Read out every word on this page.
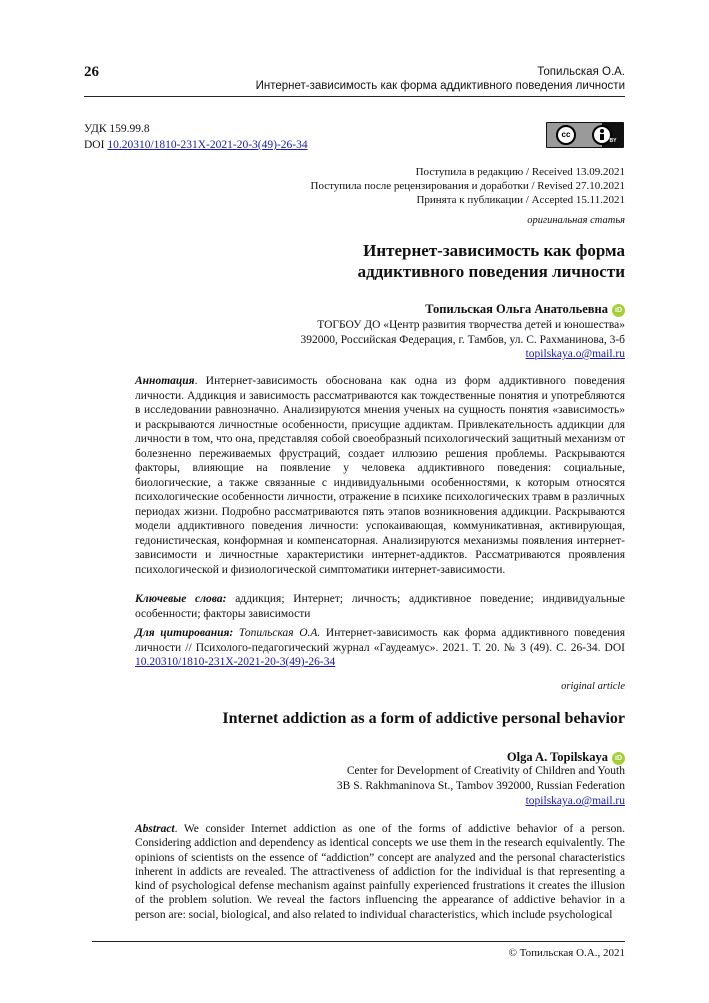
26	Топильская О.А.
Интернет-зависимость как форма аддиктивного поведения личности
УДК 159.99.8
DOI 10.20310/1810-231X-2021-20-3(49)-26-34
cc
BY
Поступила в редакцию / Received 13.09.2021
Поступила после рецензирования и доработки / Revised 27.10.2021
Принята к публикации / Accepted 15.11.2021
оригинальная статья
Интернет-зависимость как форма
аддиктивного поведения личности
Топильская Ольга Анатольевна iD
ТОГБОУ ДО «Центр развития творчества детей и юношества»
392000, Российская Федерация, г. Тамбов, ул. С. Рахманинова, 3-б
topilskaya.o@mail.ru
Аннотация. Интернет-зависимость обоснована как одна из форм аддиктивного поведения личности. Аддикция и зависимость рассматриваются как тождественные понятия и употребляются в исследовании равнозначно. Анализируются мнения ученых на сущность понятия «зависимость» и раскрываются личностные особенности, присущие аддиктам. Привлекательность аддикции для личности в том, что она, представляя собой своеобразный психологический защитный механизм от болезненно переживаемых фрустраций, создает иллюзию решения проблемы. Раскрываются факторы, влияющие на появление у человека аддиктивного поведения: социальные, биологические, а также связанные с индивидуальными особенностями, к которым относятся психологические особенности личности, отражение в психике психологических травм в различных периодах жизни. Подробно рассматриваются пять этапов возникновения аддикции. Раскрываются модели аддиктивного поведения личности: успокаивающая, коммуникативная, активирующая, гедонистическая, конформная и компенсаторная. Анализируются механизмы появления интернет-зависимости и личностные характеристики интернет-аддиктов. Рассматриваются проявления психологической и физиологической симптоматики интернет-зависимости.
Ключевые слова: аддикция; Интернет; личность; аддиктивное поведение; индивидуальные особенности; факторы зависимости
Для цитирования: Топильская О.А. Интернет-зависимость как форма аддиктивного поведения личности // Психолого-педагогический журнал «Гаудеамус». 2021. Т. 20. № 3 (49). С. 26-34. DOI 10.20310/1810-231X-2021-20-3(49)-26-34
original article
Internet addiction as a form of addictive personal behavior
Olga A. Topilskaya iD
Center for Development of Creativity of Children and Youth
3B S. Rakhmaninova St., Tambov 392000, Russian Federation
topilskaya.o@mail.ru
Abstract. We consider Internet addiction as one of the forms of addictive behavior of a person. Considering addiction and dependency as identical concepts we use them in the research equivalently. The opinions of scientists on the essence of “addiction” concept are analyzed and the personal characteristics inherent in addicts are revealed. The attractiveness of addiction for the individual is that representing a kind of psychological defense mechanism against painfully experienced frustrations it creates the illusion of the problem solution. We reveal the factors influencing the appearance of addictive behavior in a person are: social, biological, and also related to individual characteristics, which include psychological
© Топильская О.А., 2021
